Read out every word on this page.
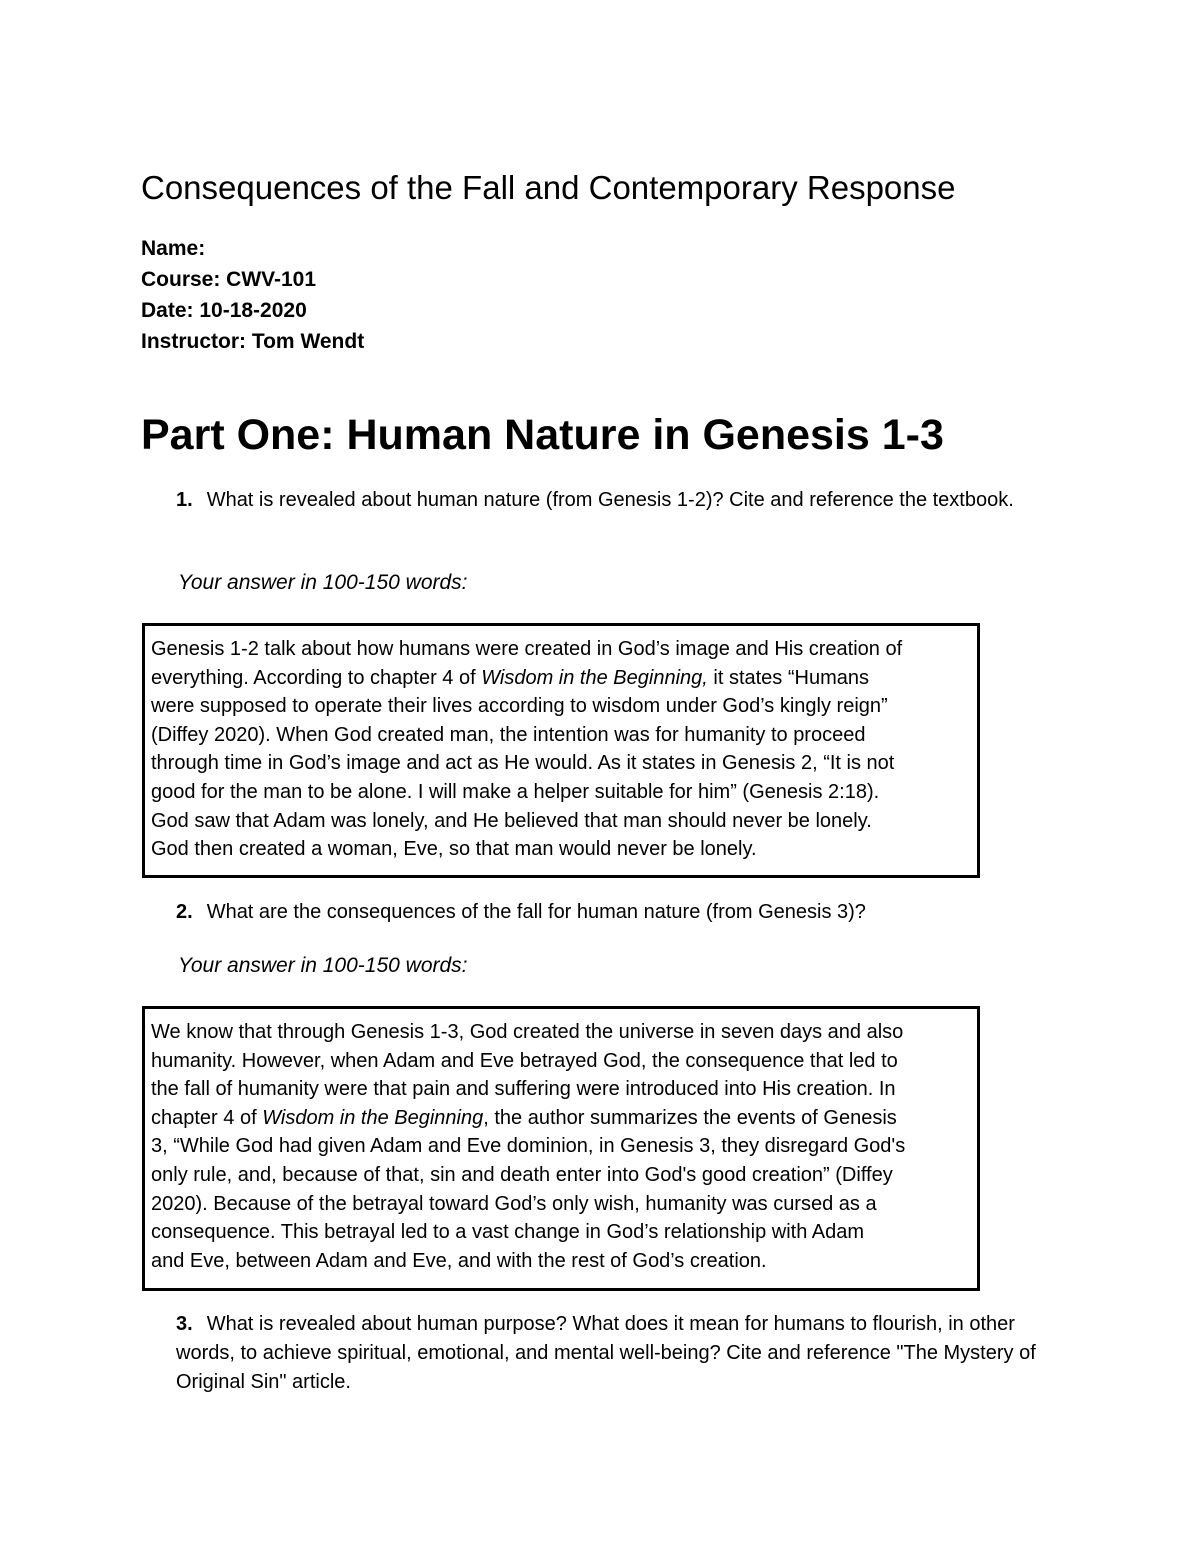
Consequences of the Fall and Contemporary Response
Name:
Course: CWV-101
Date: 10-18-2020
Instructor: Tom Wendt
Part One: Human Nature in Genesis 1-3
1. What is revealed about human nature (from Genesis 1-2)? Cite and reference the textbook.
Your answer in 100-150 words:
Genesis 1-2 talk about how humans were created in God’s image and His creation of
everything. According to chapter 4 of Wisdom in the Beginning, it states “Humans
were supposed to operate their lives according to wisdom under God’s kingly reign”
(Diffey 2020). When God created man, the intention was for humanity to proceed
through time in God’s image and act as He would. As it states in Genesis 2, “It is not
good for the man to be alone. I will make a helper suitable for him” (Genesis 2:18).
God saw that Adam was lonely, and He believed that man should never be lonely.
God then created a woman, Eve, so that man would never be lonely.
2. What are the consequences of the fall for human nature (from Genesis 3)?
Your answer in 100-150 words:
We know that through Genesis 1-3, God created the universe in seven days and also
humanity. However, when Adam and Eve betrayed God, the consequence that led to
the fall of humanity were that pain and suffering were introduced into His creation. In
chapter 4 of Wisdom in the Beginning, the author summarizes the events of Genesis
3, “While God had given Adam and Eve dominion, in Genesis 3, they disregard God's
only rule, and, because of that, sin and death enter into God's good creation” (Diffey
2020). Because of the betrayal toward God’s only wish, humanity was cursed as a
consequence. This betrayal led to a vast change in God’s relationship with Adam
and Eve, between Adam and Eve, and with the rest of God’s creation.
3. What is revealed about human purpose? What does it mean for humans to flourish, in other words, to achieve spiritual, emotional, and mental well-being? Cite and reference "The Mystery of Original Sin" article.
